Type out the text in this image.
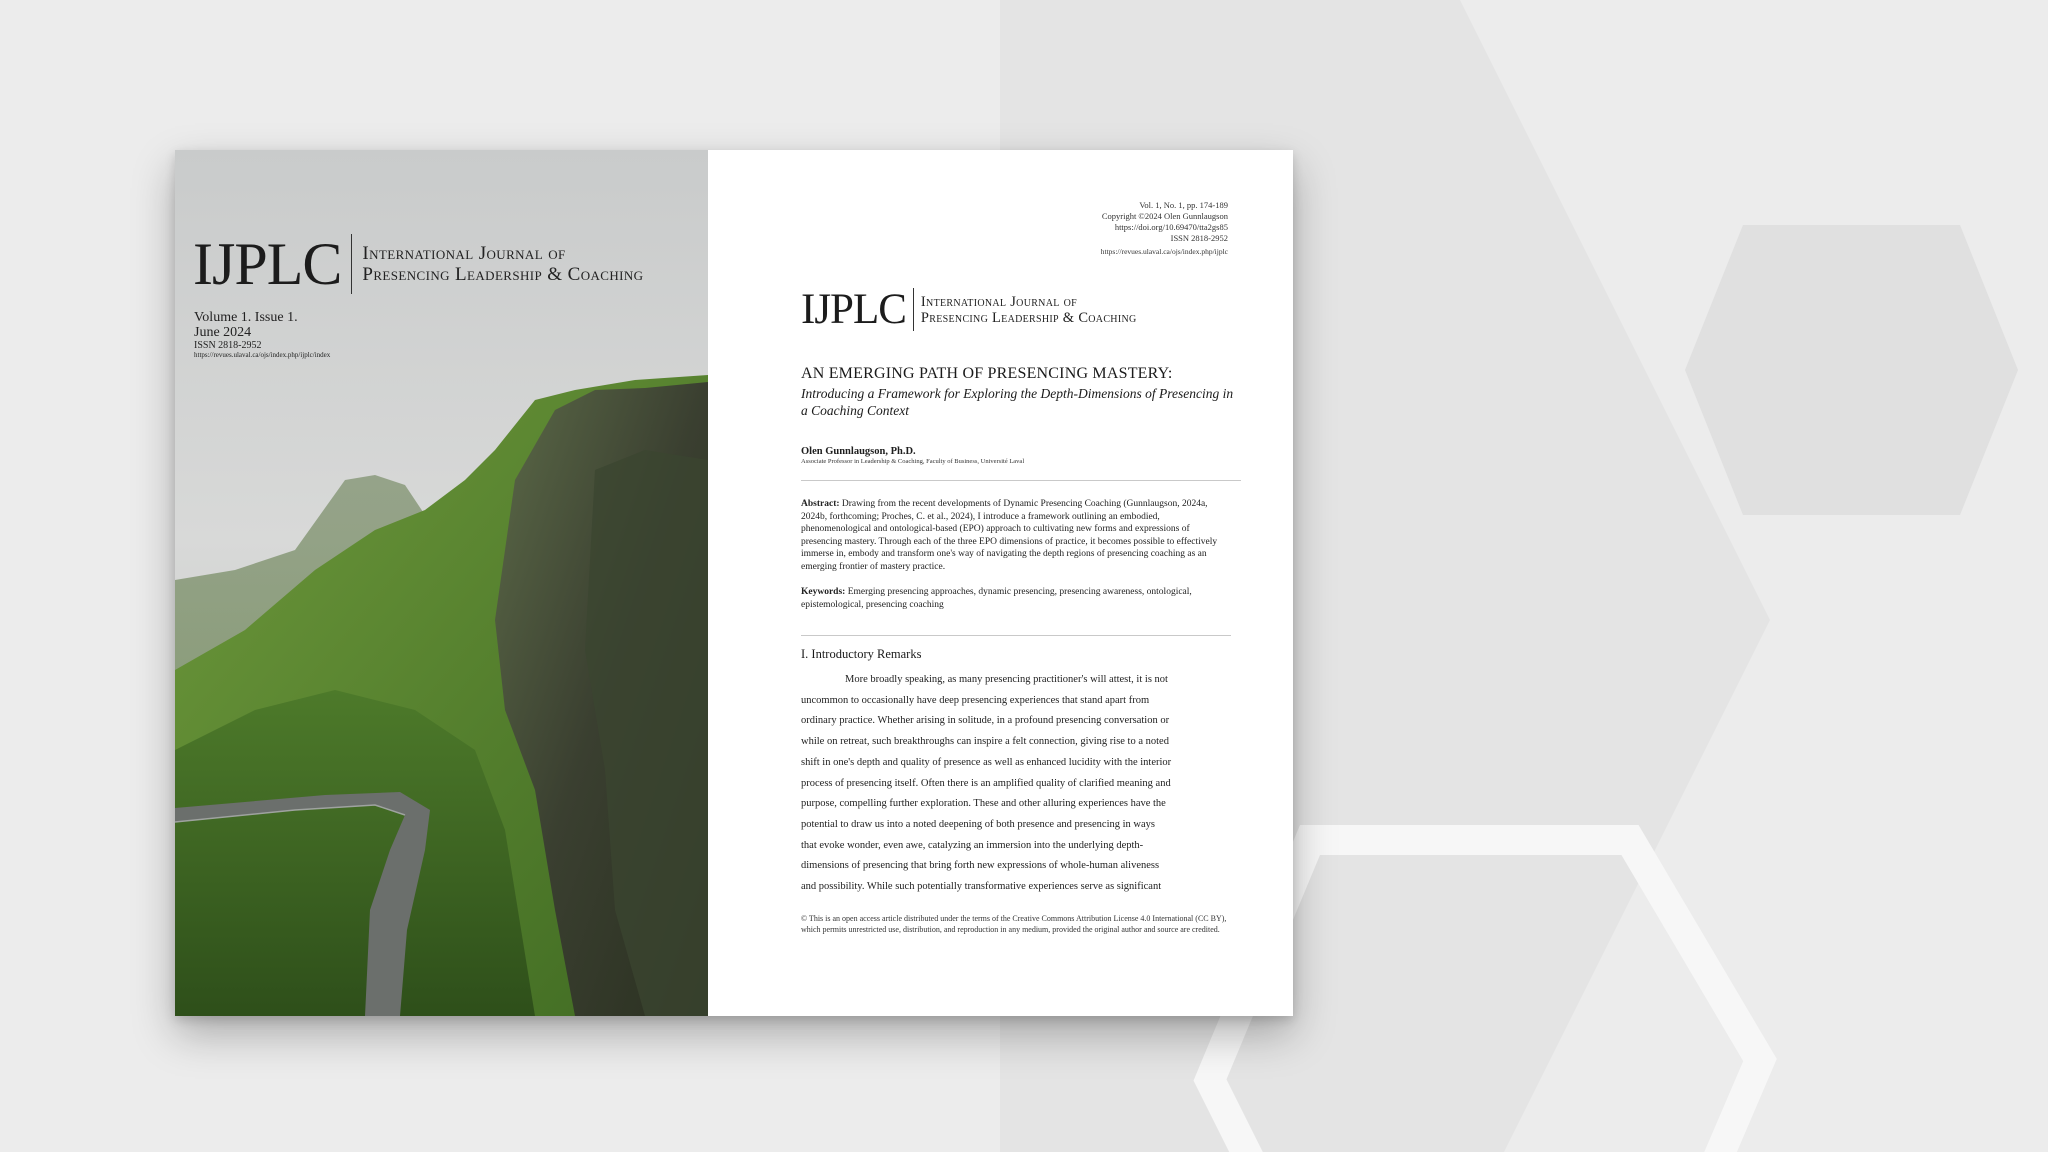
IJPLC	International Journal of
Presencing Leadership & Coaching
Volume 1. Issue 1.
June 2024
ISSN 2818-2952
https://revues.ulaval.ca/ojs/index.php/ijplc/index
Vol. 1, No. 1, pp. 174-189
Copyright ©2024 Olen Gunnlaugson
https://doi.org/10.69470/tta2gs85
ISSN 2818-2952
https://revues.ulaval.ca/ojs/index.php/ijplc
IJPLC	International Journal of
Presencing Leadership & Coaching
AN EMERGING PATH OF PRESENCING MASTERY:
Introducing a Framework for Exploring the Depth-Dimensions of Presencing in a Coaching Context
Olen Gunnlaugson, Ph.D.
Associate Professor in Leadership & Coaching, Faculty of Business, Université Laval
Abstract: Drawing from the recent developments of Dynamic Presencing Coaching (Gunnlaugson, 2024a, 2024b, forthcoming; Proches, C. et al., 2024), I introduce a framework outlining an embodied, phenomenological and ontological-based (EPO) approach to cultivating new forms and expressions of presencing mastery. Through each of the three EPO dimensions of practice, it becomes possible to effectively immerse in, embody and transform one's way of navigating the depth regions of presencing coaching as an emerging frontier of mastery practice.
Keywords: Emerging presencing approaches, dynamic presencing, presencing awareness, ontological, epistemological, presencing coaching
I. Introductory Remarks
More broadly speaking, as many presencing practitioner's will attest, it is not
uncommon to occasionally have deep presencing experiences that stand apart from
ordinary practice. Whether arising in solitude, in a profound presencing conversation or
while on retreat, such breakthroughs can inspire a felt connection, giving rise to a noted
shift in one's depth and quality of presence as well as enhanced lucidity with the interior
process of presencing itself. Often there is an amplified quality of clarified meaning and
purpose, compelling further exploration. These and other alluring experiences have the
potential to draw us into a noted deepening of both presence and presencing in ways
that evoke wonder, even awe, catalyzing an immersion into the underlying depth-
dimensions of presencing that bring forth new expressions of whole-human aliveness
and possibility. While such potentially transformative experiences serve as significant
© This is an open access article distributed under the terms of the Creative Commons Attribution License 4.0 International (CC BY), which permits unrestricted use, distribution, and reproduction in any medium, provided the original author and source are credited.
